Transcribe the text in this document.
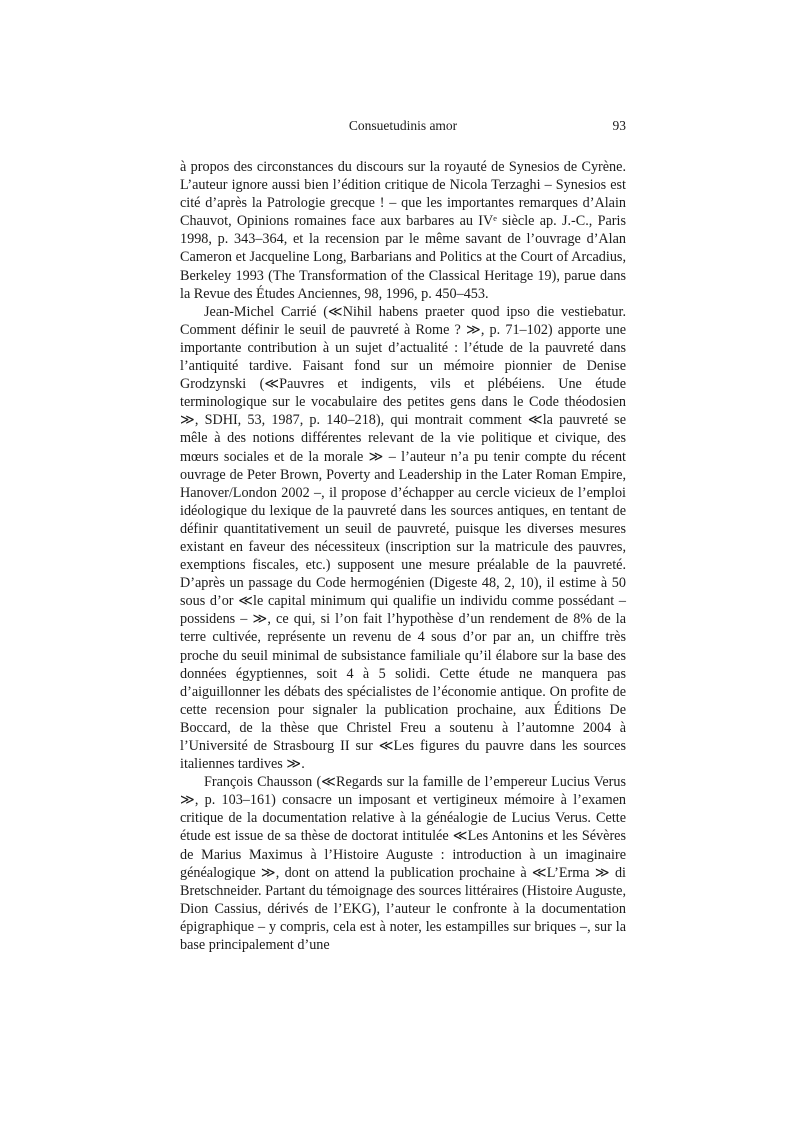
Consuetudinis amor	93

à propos des circonstances du discours sur la royauté de Synesios de Cyrène. L’auteur ignore aussi bien l’édition critique de Nicola Terzaghi – Synesios est cité d’après la Patrologie grecque ! – que les importantes remarques d’Alain Chauvot, Opinions romaines face aux barbares au IVᵉ siècle ap. J.-C., Paris 1998, p. 343–364, et la recension par le même savant de l’ouvrage d’Alan Cameron et Jacqueline Long, Barbarians and Politics at the Court of Arcadius, Berkeley 1993 (The Transformation of the Classical Heritage 19), parue dans la Revue des Études Anciennes, 98, 1996, p. 450–453.

Jean-Michel Carrié (≪Nihil habens praeter quod ipso die vestiebatur. Comment définir le seuil de pauvreté à Rome ? ≫, p. 71–102) apporte une importante contribution à un sujet d’actualité : l’étude de la pauvreté dans l’antiquité tardive. Faisant fond sur un mémoire pionnier de Denise Grodzynski (≪Pauvres et indigents, vils et plébéiens. Une étude terminologique sur le vocabulaire des petites gens dans le Code théodosien ≫, SDHI, 53, 1987, p. 140–218), qui montrait comment ≪la pauvreté se mêle à des notions différentes relevant de la vie politique et civique, des mœurs sociales et de la morale ≫ – l’auteur n’a pu tenir compte du récent ouvrage de Peter Brown, Poverty and Leadership in the Later Roman Empire, Hanover/London 2002 –, il propose d’échapper au cercle vicieux de l’emploi idéologique du lexique de la pauvreté dans les sources antiques, en tentant de définir quantitativement un seuil de pauvreté, puisque les diverses mesures existant en faveur des nécessiteux (inscription sur la matricule des pauvres, exemptions fiscales, etc.) supposent une mesure préalable de la pauvreté. D’après un passage du Code hermogénien (Digeste 48, 2, 10), il estime à 50 sous d’or ≪le capital minimum qui qualifie un individu comme possédant – possidens – ≫, ce qui, si l’on fait l’hypothèse d’un rendement de 8% de la terre cultivée, représente un revenu de 4 sous d’or par an, un chiffre très proche du seuil minimal de subsistance familiale qu’il élabore sur la base des données égyptiennes, soit 4 à 5 solidi. Cette étude ne manquera pas d’aiguillonner les débats des spécialistes de l’économie antique. On profite de cette recension pour signaler la publication prochaine, aux Éditions De Boccard, de la thèse que Christel Freu a soutenu à l’automne 2004 à l’Université de Strasbourg II sur ≪Les figures du pauvre dans les sources italiennes tardives ≫.

François Chausson (≪Regards sur la famille de l’empereur Lucius Verus ≫, p. 103–161) consacre un imposant et vertigineux mémoire à l’examen critique de la documentation relative à la généalogie de Lucius Verus. Cette étude est issue de sa thèse de doctorat intitulée ≪Les Antonins et les Sévères de Marius Maximus à l’Histoire Auguste : introduction à un imaginaire généalogique ≫, dont on attend la publication prochaine à ≪L’Erma ≫ di Bretschneider. Partant du témoignage des sources littéraires (Histoire Auguste, Dion Cassius, dérivés de l’EKG), l’auteur le confronte à la documentation épigraphique – y compris, cela est à noter, les estampilles sur briques –, sur la base principalement d’une
